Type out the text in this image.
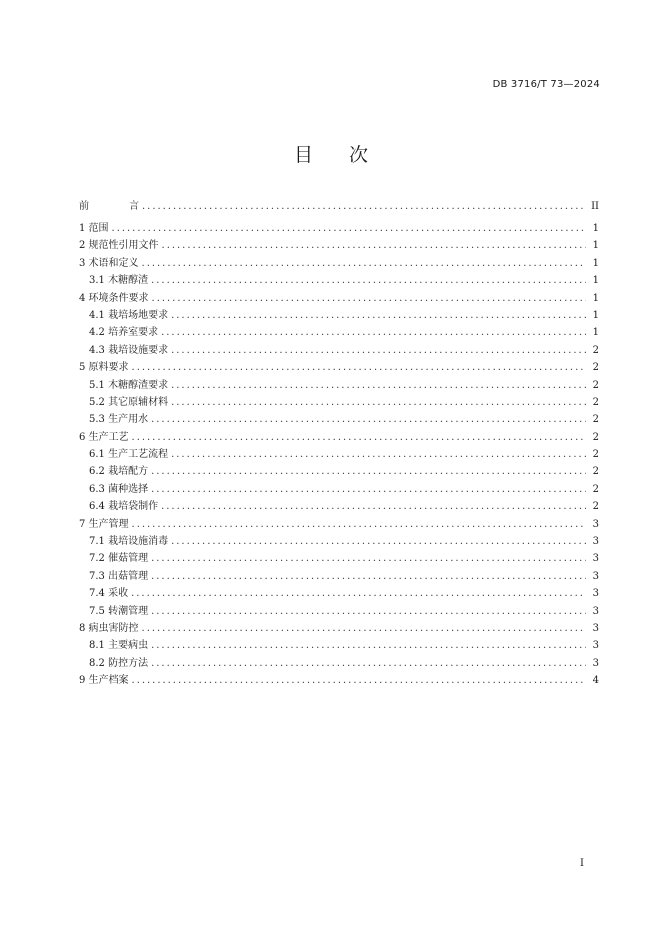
DB 3716/T 73—2024
目 次
前	言 . . .	II
1 范围 . . .	1
2 规范性引用文件 . . .	1
3 术语和定义 . . .	1
3.1 木糖醇渣 . . .	1
4 环境条件要求 . . .	1
4.1 栽培场地要求 . . .	1
4.2 培养室要求 . . .	1
4.3 栽培设施要求 . . .	2
5 原料要求 . . .	2
5.1 木糖醇渣要求 . . .	2
5.2 其它原辅材料 . . .	2
5.3 生产用水 . . .	2
6 生产工艺 . . .	2
6.1 生产工艺流程 . . .	2
6.2 栽培配方 . . .	2
6.3 菌种选择 . . .	2
6.4 栽培袋制作 . . .	2
7 生产管理 . . .	3
7.1 栽培设施消毒 . . .	3
7.2 催菇管理 . . .	3
7.3 出菇管理 . . .	3
7.4 采收 . . .	3
7.5 转潮管理 . . .	3
8 病虫害防控 . . .	3
8.1 主要病虫 . . .	3
8.2 防控方法 . . .	3
9 生产档案 . . .	4
I
